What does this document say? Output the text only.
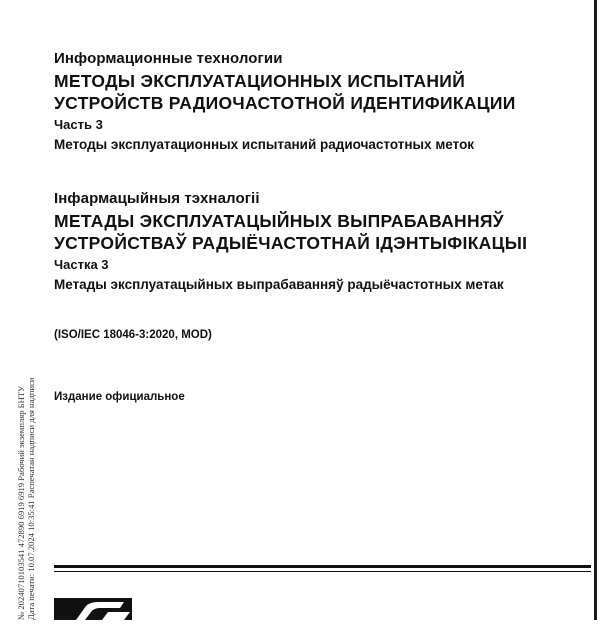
Информационные технологии
МЕТОДЫ ЭКСПЛУАТАЦИОННЫХ ИСПЫТАНИЙ
УСТРОЙСТВ РАДИОЧАСТОТНОЙ ИДЕНТИФИКАЦИИ
Часть 3
Методы эксплуатационных испытаний радиочастотных меток
Інфармацыйныя тэхналогіі
МЕТАДЫ ЭКСПЛУАТАЦЫЙНЫХ ВЫПРАБАВАННЯЎ
УСТРОЙСТВАЎ РАДЫЁЧАСТОТНАЙ ІДЭНТЫФІКАЦЫІ
Частка 3
Метады эксплуатацыйных выпрабаванняў радыёчастотных метак
(ISO/IEC 18046-3:2020, MOD)
Издание официальное
№ 20240710103541 472890 6919 6919 Рабочий экземпляр БНТУ Дата печати: 10.07.2024 10:35:41 Распечатан надписи для надписи
